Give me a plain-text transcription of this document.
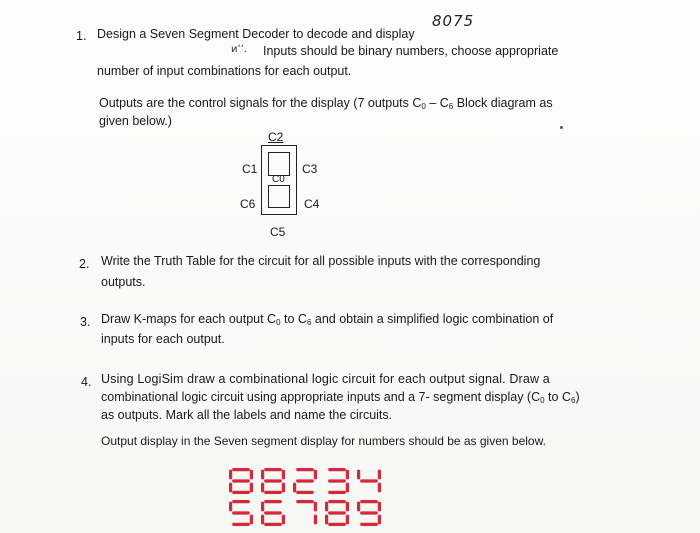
1. Design a Seven Segment Decoder to decode and display
8075
ͷʼʼ. Inputs should be binary numbers, choose appropriate
number of input combinations for each output.
Outputs are the control signals for the display (7 outputs $C_0 - C_6$ Block diagram as
given below.)
C2
C1	C3
C0
C6	C4
C5
2. Write the Truth Table for the circuit for all possible inputs with the corresponding
outputs.
3. Draw K-maps for each output $C_0$ to $C_6$ and obtain a simplified logic combination of
inputs for each output.
4. Using LogiSim draw a combinational logic circuit for each output signal. Draw a
combinational logic circuit using appropriate inputs and a 7- segment display ($C_0$ to $C_6$)
as outputs. Mark all the labels and name the circuits.
Output display in the Seven segment display for numbers should be as given below.
